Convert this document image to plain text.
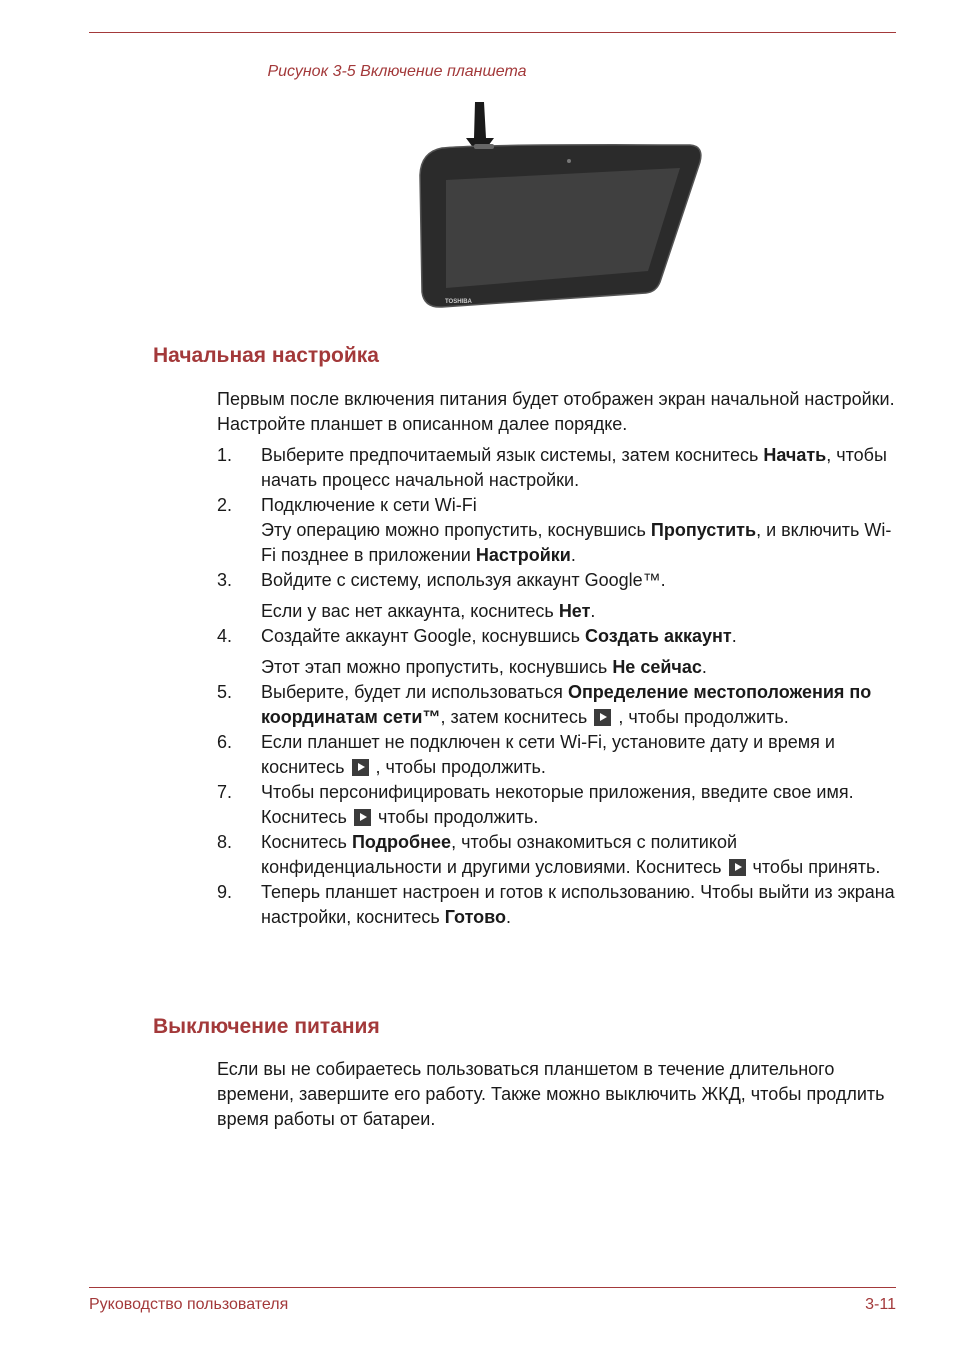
Рисунок 3-5 Включение планшета
TOSHIBA
Начальная настройка

Первым после включения питания будет отображен экран начальной настройки. Настройте планшет в описанном далее порядке.

1. Выберите предпочитаемый язык системы, затем коснитесь Начать, чтобы начать процесс начальной настройки.
2. Подключение к сети Wi-Fi
Эту операцию можно пропустить, коснувшись Пропустить, и включить Wi-Fi позднее в приложении Настройки.
3. Войдите с систему, используя аккаунт Google™.
Если у вас нет аккаунта, коснитесь Нет.
4. Создайте аккаунт Google, коснувшись Создать аккаунт.
Этот этап можно пропустить, коснувшись Не сейчас.
5. Выберите, будет ли использоваться Определение местоположения по координатам сети™, затем коснитесь  , чтобы продолжить.
6. Если планшет не подключен к сети Wi-Fi, установите дату и время и коснитесь  , чтобы продолжить.
7. Чтобы персонифицировать некоторые приложения, введите свое имя. Коснитесь  чтобы продолжить.
8. Коснитесь Подробнее, чтобы ознакомиться с политикой конфиденциальности и другими условиями. Коснитесь  чтобы принять.
9. Теперь планшет настроен и готов к использованию. Чтобы выйти из экрана настройки, коснитесь Готово.
Выключение питания

Если вы не собираетесь пользоваться планшетом в течение длительного времени, завершите его работу. Также можно выключить ЖКД, чтобы продлить время работы от батареи.

Руководство пользователя	3-11
